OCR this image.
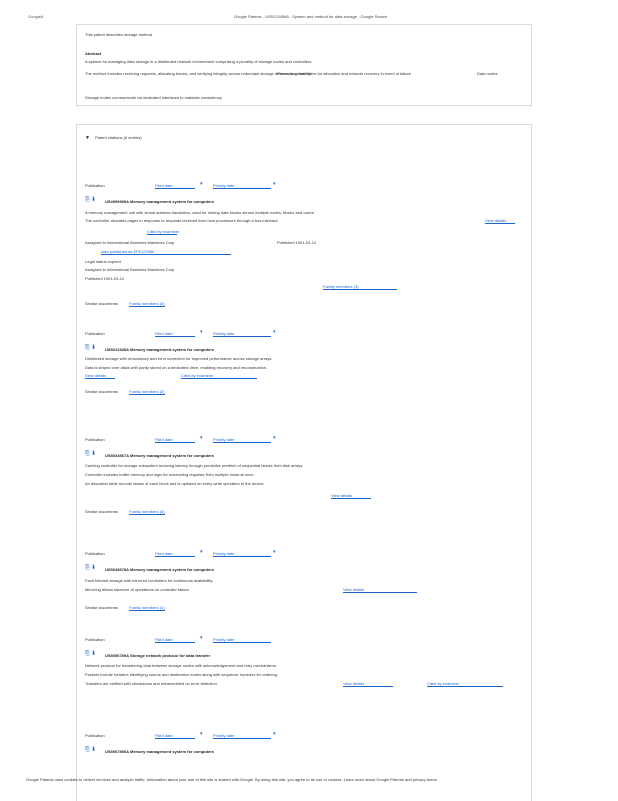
GoogleA	Google Patents - US5123456A - System and method for data storage - Google Search
This patent describes storage method
Abstract
A system for managing data storage in a distributed network environment comprising a plurality of storage nodes and controllers.
The method includes receiving requests, allocating blocks, and verifying integrity across redundant storage devices for reliability.
Processing controllers for allocation and network recovery in event of failure	Data nodes
Storage nodes communicate via dedicated interfaces to maintain consistency.
▼ Patent citations (6 entries)
Publication	Filed date	▾	Priority date	▾
⎘ ⬇	US4999999A Memory management system for computers
A memory management unit with virtual address translation, used for storing data blocks across multiple nodes, blocks and cache.
The controller allocates pages in response to requests received from host processors through a bus interface	View details
Cited by examiner
Assigned to International Business Machines Corp	Published 1991-03-12
Also published as EP0123456
Legal status expired
Assigned to International Business Machines Corp
Published 1991-03-12
Family members (3)
Similar documents	Family members (3)
Publication	Filed date	▾	Priority date	▾
⎘ ⬇ US5012345A Memory management system for computers
Distributed storage with redundancy and error correction for improved performance across storage arrays.
Data is striped over disks with parity stored on a dedicated drive, enabling recovery and reconstruction.
View details	Cited by examiner
Similar documents	Family members (2)
Publication	Filed date	▾	Priority date	▾
⎘ ⬇ US5034567A Memory management system for computers
Caching controller for storage subsystem reducing latency through predictive prefetch of sequential blocks from disk arrays.
Controller includes buffer memory and logic for scheduling requests from multiple hosts at once.
An allocation table records status of each block and is updated on every write operation to the device.
View details
Similar documents	Family members (4)
Publication	Filed date	▾	Priority date	▾
⎘ ⬇ US5045678A Memory management system for computers
Fault tolerant storage with mirrored controllers for continuous availability.
Mirroring allows takeover of operations on controller failure.	View details
Similar documents	Family members (1)
Publication	Filed date	▾	Priority date
⎘ ⬇ US5056789A Storage network protocol for data transfer
Network protocol for transferring data between storage nodes with acknowledgement and retry mechanisms.
Packets include headers identifying source and destination nodes along with sequence numbers for ordering.
Transfers are verified with checksums and retransmitted on error detection.	View details	Cited by examiner
Publication	Filed date	▾	Priority date	▾
⎘ ⬇ US5067890A Memory management system for computers
Google Patents uses cookies to deliver services and analyze traffic. Information about your use of this site is shared with Google. By using this site, you agree to its use of cookies. Learn more about Google Patents and privacy terms.
